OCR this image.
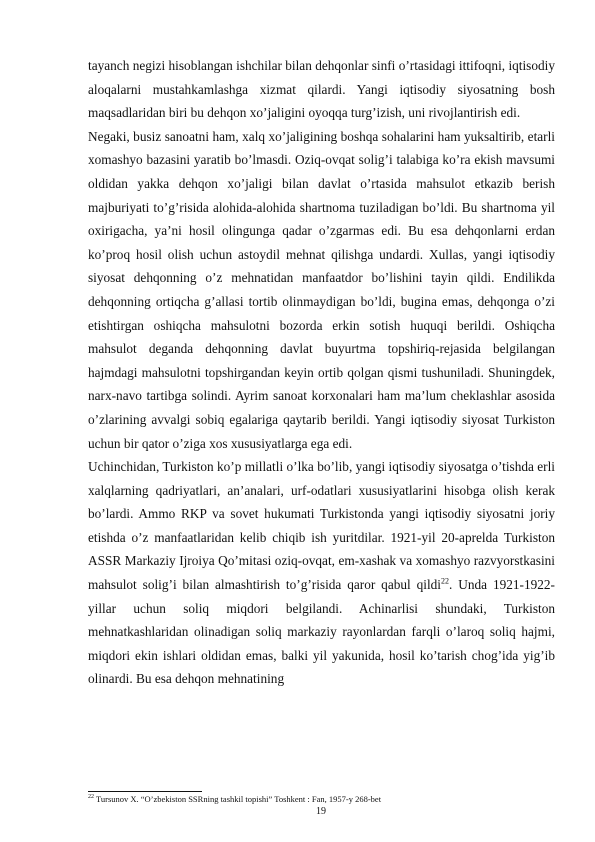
tayanch negizi hisoblangan ishchilar bilan dehqonlar sinfi o’rtasidagi ittifoqni, iqtisodiy aloqalarni mustahkamlashga xizmat qilardi. Yangi iqtisodiy siyosatning bosh maqsadlaridan biri bu dehqon xo’jaligini oyoqqa turg’izish, uni rivojlantirish edi.

Negaki, busiz sanoatni ham, xalq xo’jaligining boshqa sohalarini ham yuksaltirib, etarli xomashyo bazasini yaratib bo’lmasdi. Oziq-ovqat solig’i talabiga ko’ra ekish mavsumi oldidan yakka dehqon xo’jaligi bilan davlat o’rtasida mahsulot etkazib berish majburiyati to’g’risida alohida-alohida shartnoma tuziladigan bo’ldi. Bu shartnoma yil oxirigacha, ya’ni hosil olingunga qadar o’zgarmas edi. Bu esa dehqonlarni erdan ko’proq hosil olish uchun astoydil mehnat qilishga undardi. Xullas, yangi iqtisodiy siyosat dehqonning o’z mehnatidan manfaatdor bo’lishini tayin qildi. Endilikda dehqonning ortiqcha g’allasi tortib olinmaydigan bo’ldi, bugina emas, dehqonga o’zi etishtirgan oshiqcha mahsulotni bozorda erkin sotish huquqi berildi. Oshiqcha mahsulot deganda dehqonning davlat buyurtma topshiriq-rejasida belgilangan hajmdagi mahsulotni topshirgandan keyin ortib qolgan qismi tushuniladi. Shuningdek, narx-navo tartibga solindi. Ayrim sanoat korxonalari ham ma’lum cheklashlar asosida o’zlarining avvalgi sobiq egalariga qaytarib berildi. Yangi iqtisodiy siyosat Turkiston uchun bir qator o’ziga xos xususiyatlarga ega edi.

Uchinchidan, Turkiston ko’p millatli o’lka bo’lib, yangi iqtisodiy siyosatga o’tishda erli xalqlarning qadriyatlari, an’analari, urf-odatlari xususiyatlarini hisobga olish kerak bo’lardi. Ammo RKP va sovet hukumati Turkistonda yangi iqtisodiy siyosatni joriy etishda o’z manfaatlaridan kelib chiqib ish yuritdilar. 1921-yil 20-aprelda Turkiston ASSR Markaziy Ijroiya Qo’mitasi oziq-ovqat, em-xashak va xomashyo razvyorstkasini mahsulot solig’i bilan almashtirish to’g’risida qaror qabul qildi$^{22}$. Unda 1921-1922-yillar uchun soliq miqdori belgilandi. Achinarlisi shundaki, Turkiston mehnatkashlaridan olinadigan soliq markaziy rayonlardan farqli o’laroq soliq hajmi, miqdori ekin ishlari oldidan emas, balki yil yakunida, hosil ko’tarish chog’ida yig’ib olinardi. Bu esa dehqon mehnatining

$^{22}$ Tursunov X. “O’zbekiston SSRning tashkil topishi” Toshkent : Fan, 1957-y 268-bet
19
